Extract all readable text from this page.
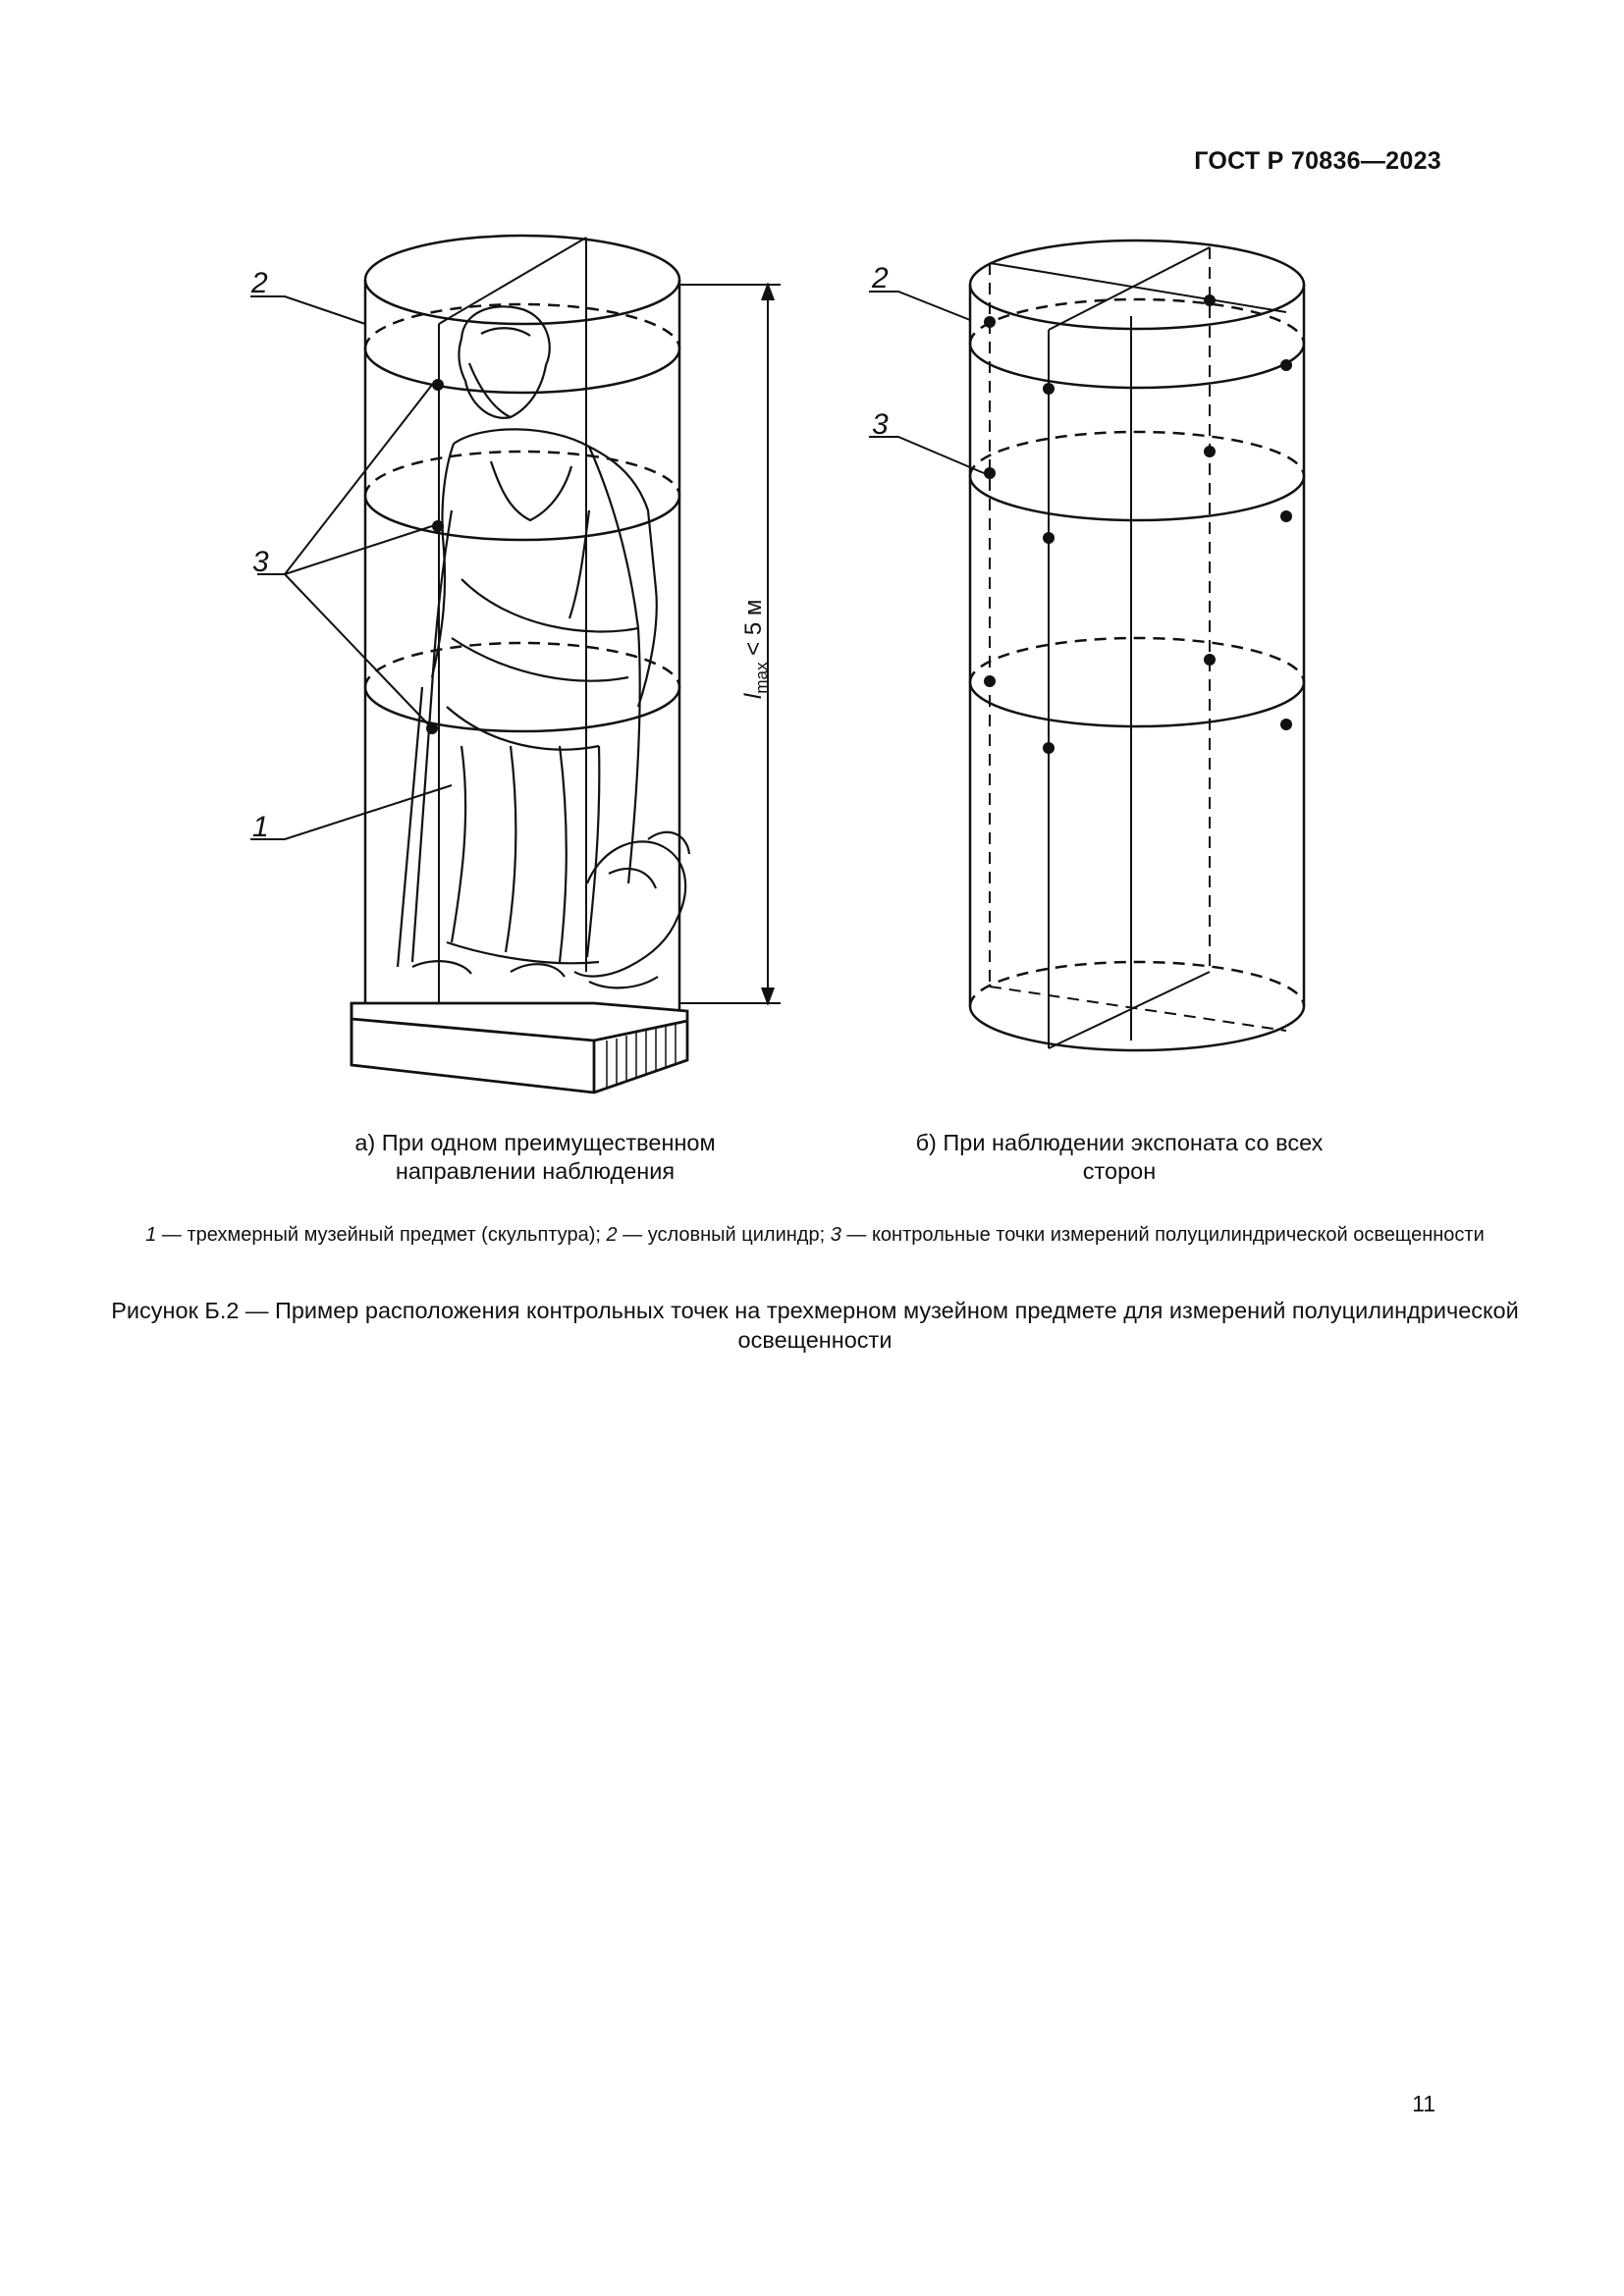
ГОСТ Р 70836—2023
2
3
1
$l_{max} < 5$ м
2
3
а) При одном преимущественном направлении наблюдения
б) При наблюдении экспоната со всех сторон
1 — трехмерный музейный предмет (скульптура); 2 — условный цилиндр; 3 — контрольные точки измерений полуцилиндрической освещенности
Рисунок Б.2 — Пример расположения контрольных точек на трехмерном музейном предмете для измерений полуцилиндрической освещенности
11
